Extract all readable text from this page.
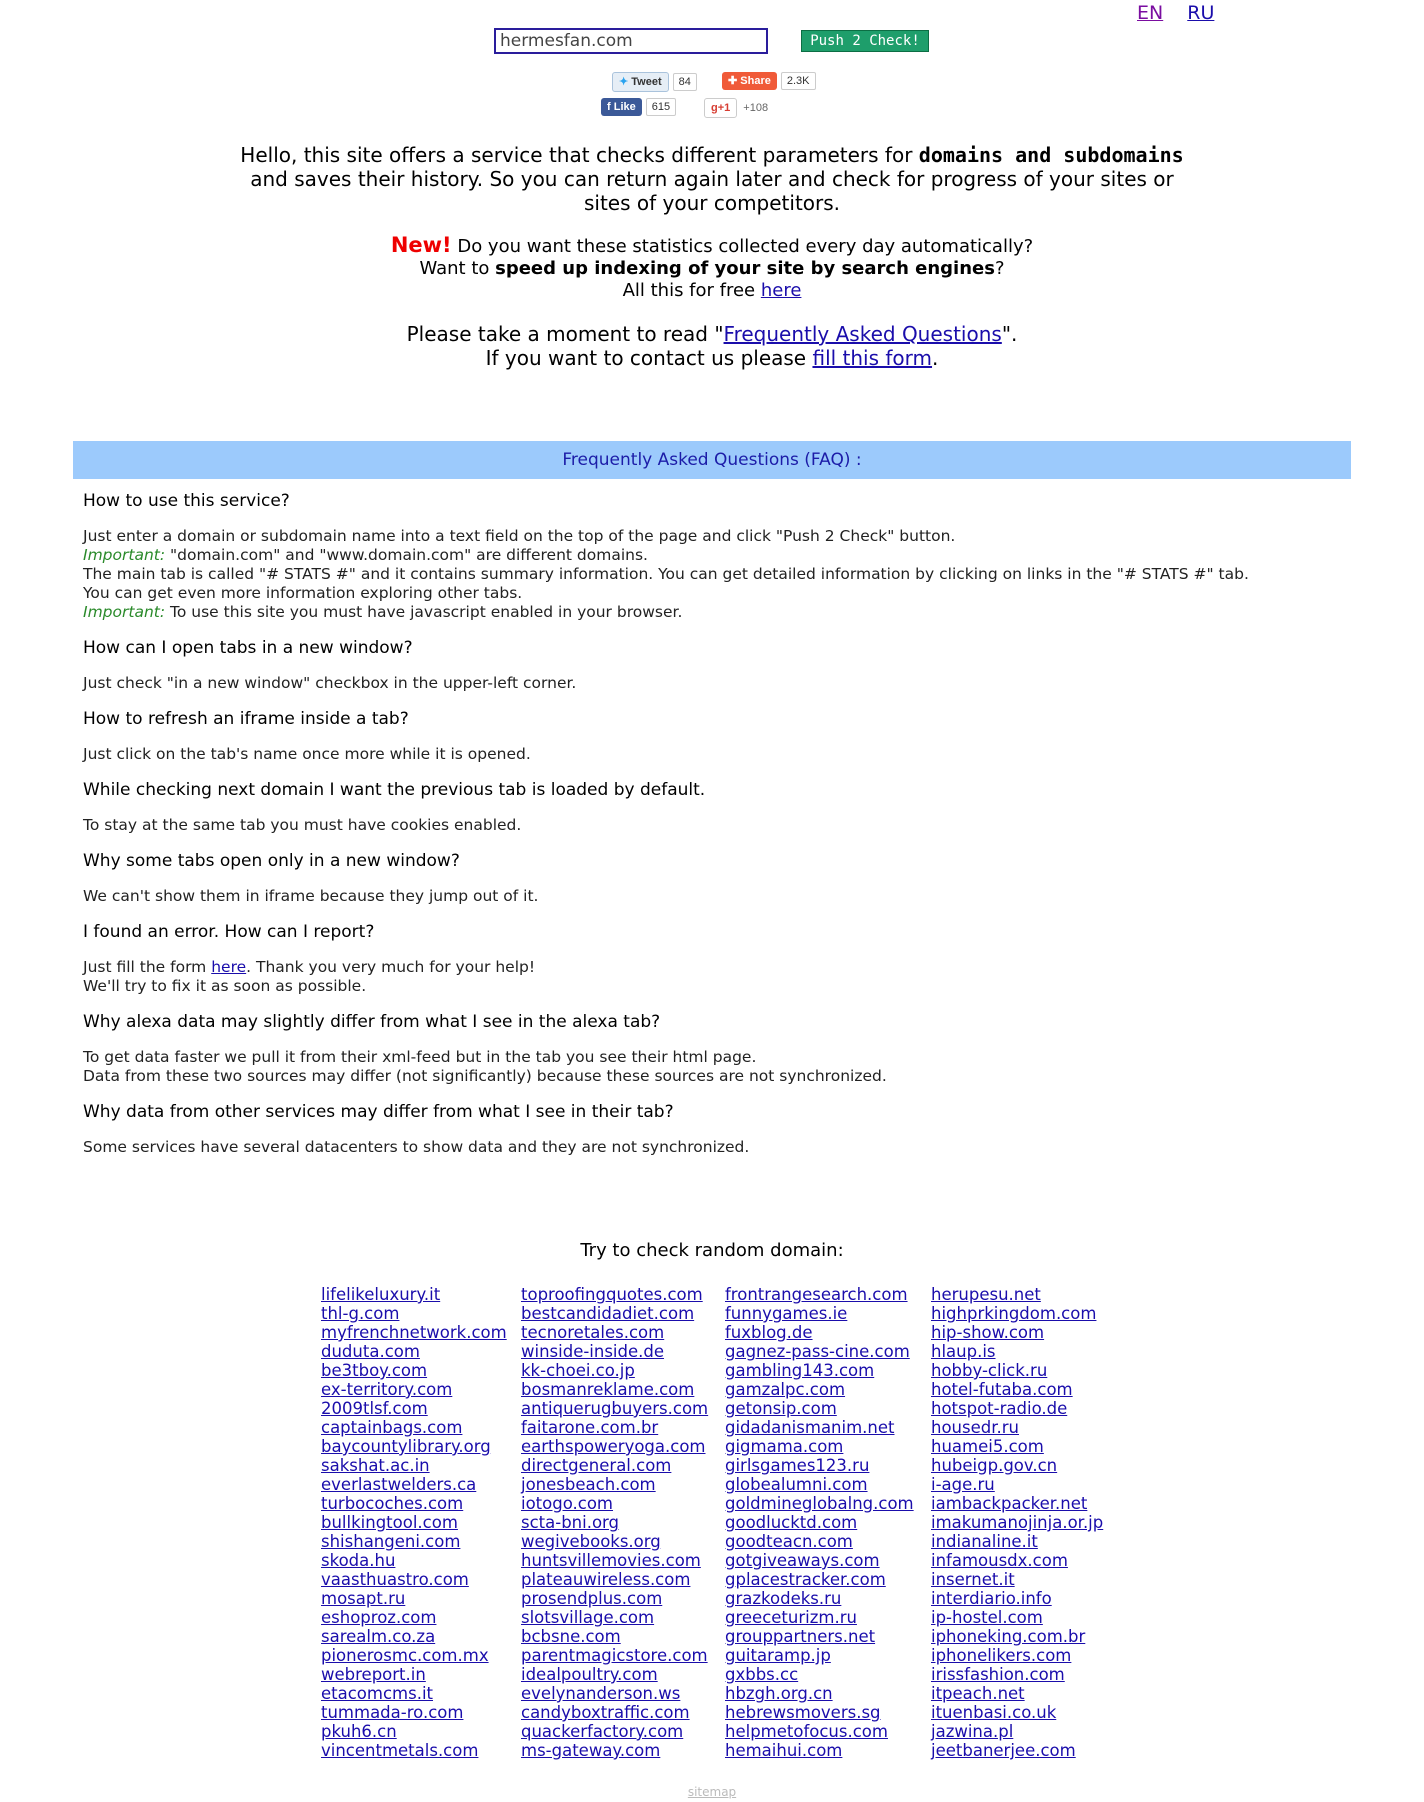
EN RU
hermesfan.com
Push 2 Check!
✦ Tweet 84	✚ Share 2.3K
f Like 615	g+1 +108
Hello, this site offers a service that checks different parameters for domains and subdomains
and saves their history. So you can return again later and check for progress of your sites or
sites of your competitors.
New! Do you want these statistics collected every day automatically?
Want to speed up indexing of your site by search engines?
All this for free here
Please take a moment to read "Frequently Asked Questions".
If you want to contact us please fill this form.
Frequently Asked Questions (FAQ) :
How to use this service?
Just enter a domain or subdomain name into a text field on the top of the page and click "Push 2 Check" button.
Important: "domain.com" and "www.domain.com" are different domains.
The main tab is called "# STATS #" and it contains summary information. You can get detailed information by clicking on links in the "# STATS #" tab.
You can get even more information exploring other tabs.
Important: To use this site you must have javascript enabled in your browser.
How can I open tabs in a new window?
Just check "in a new window" checkbox in the upper-left corner.
How to refresh an iframe inside a tab?
Just click on the tab's name once more while it is opened.
While checking next domain I want the previous tab is loaded by default.
To stay at the same tab you must have cookies enabled.
Why some tabs open only in a new window?
We can't show them in iframe because they jump out of it.
I found an error. How can I report?
Just fill the form here. Thank you very much for your help!
We'll try to fix it as soon as possible.
Why alexa data may slightly differ from what I see in the alexa tab?
To get data faster we pull it from their xml-feed but in the tab you see their html page.
Data from these two sources may differ (not significantly) because these sources are not synchronized.
Why data from other services may differ from what I see in their tab?
Some services have several datacenters to show data and they are not synchronized.
Try to check random domain:
lifelikeluxury.it
thl-g.com
myfrenchnetwork.com
duduta.com
be3tboy.com
ex-territory.com
2009tlsf.com
captainbags.com
baycountylibrary.org
sakshat.ac.in
everlastwelders.ca
turbocoches.com
bullkingtool.com
shishangeni.com
skoda.hu
vaasthuastro.com
mosapt.ru
eshoproz.com
sarealm.co.za
pionerosmc.com.mx
webreport.in
etacomcms.it
tummada-ro.com
pkuh6.cn
vincentmetals.com
toproofingquotes.com
bestcandidadiet.com
tecnoretales.com
winside-inside.de
kk-choei.co.jp
bosmanreklame.com
antiquerugbuyers.com
faitarone.com.br
earthspoweryoga.com
directgeneral.com
jonesbeach.com
iotogo.com
scta-bni.org
wegivebooks.org
huntsvillemovies.com
plateauwireless.com
prosendplus.com
slotsvillage.com
bcbsne.com
parentmagicstore.com
idealpoultry.com
evelynanderson.ws
candyboxtraffic.com
quackerfactory.com
ms-gateway.com
frontrangesearch.com
funnygames.ie
fuxblog.de
gagnez-pass-cine.com
gambling143.com
gamzalpc.com
getonsip.com
gidadanismanim.net
gigmama.com
girlsgames123.ru
globealumni.com
goldmineglobalng.com
goodlucktd.com
goodteacn.com
gotgiveaways.com
gplacestracker.com
grazkodeks.ru
greeceturizm.ru
grouppartners.net
guitaramp.jp
gxbbs.cc
hbzgh.org.cn
hebrewsmovers.sg
helpmetofocus.com
hemaihui.com
herupesu.net
highprkingdom.com
hip-show.com
hlaup.is
hobby-click.ru
hotel-futaba.com
hotspot-radio.de
housedr.ru
huamei5.com
hubeigp.gov.cn
i-age.ru
iambackpacker.net
imakumanojinja.or.jp
indianaline.it
infamousdx.com
insernet.it
interdiario.info
ip-hostel.com
iphoneking.com.br
iphonelikers.com
irissfashion.com
itpeach.net
ituenbasi.co.uk
jazwina.pl
jeetbanerjee.com
sitemap
